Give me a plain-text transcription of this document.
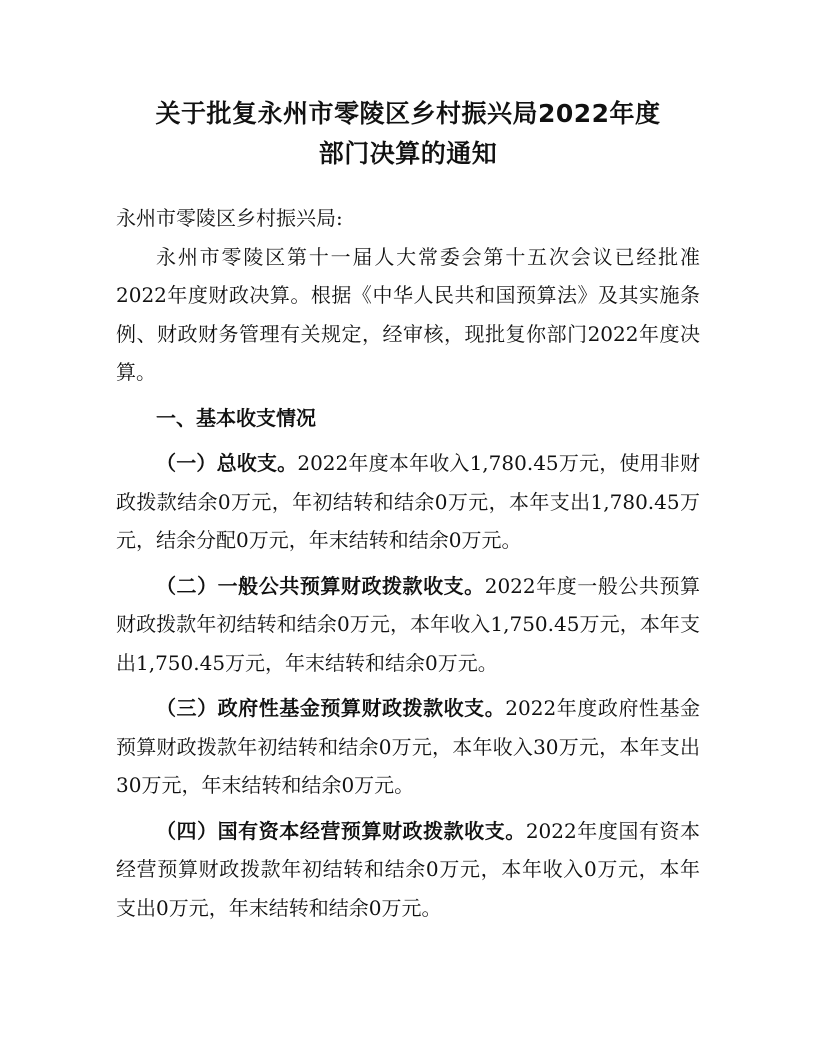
关于批复永州市零陵区乡村振兴局2022年度
部门决算的通知

永州市零陵区乡村振兴局:

永州市零陵区第十一届人大常委会第十五次会议已经批准2022年度财政决算。根据《中华人民共和国预算法》及其实施条例、财政财务管理有关规定，经审核，现批复你部门2022年度决算。

一、基本收支情况

（一）总收支。2022年度本年收入1,780.45万元，使用非财政拨款结余0万元，年初结转和结余0万元，本年支出1,780.45万元，结余分配0万元，年末结转和结余0万元。

（二）一般公共预算财政拨款收支。2022年度一般公共预算财政拨款年初结转和结余0万元，本年收入1,750.45万元，本年支出1,750.45万元，年末结转和结余0万元。

（三）政府性基金预算财政拨款收支。2022年度政府性基金预算财政拨款年初结转和结余0万元，本年收入30万元，本年支出30万元，年末结转和结余0万元。

（四）国有资本经营预算财政拨款收支。2022年度国有资本经营预算财政拨款年初结转和结余0万元，本年收入0万元，本年支出0万元，年末结转和结余0万元。
